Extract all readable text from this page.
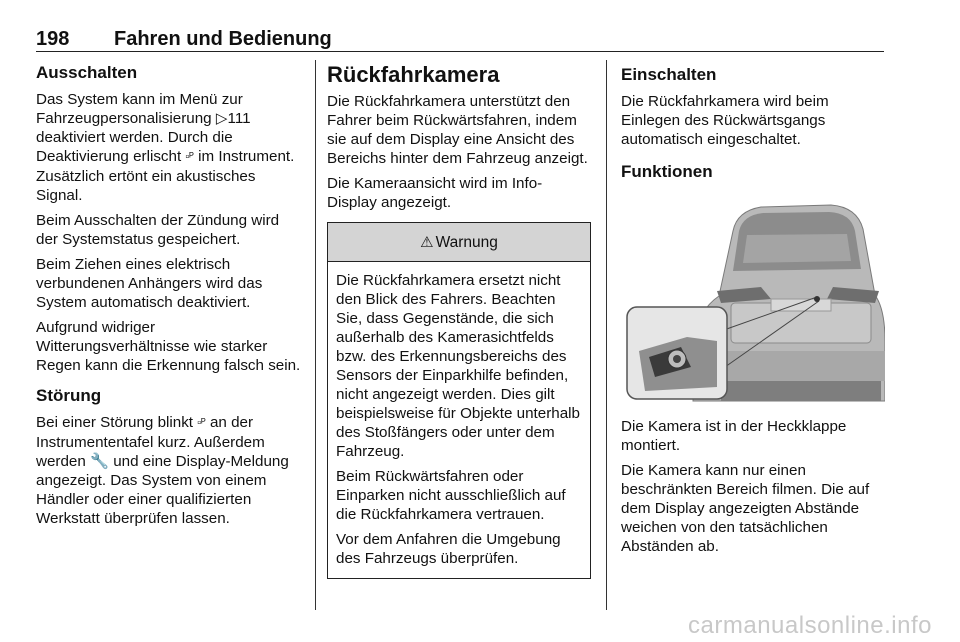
198 Fahren und Bedienung
Ausschalten

Das System kann im Menü zur Fahrzeugpersonalisierung ▷111 deaktiviert werden. Durch die Deaktivierung erlischt ▫ᴾ im Instrument. Zusätzlich ertönt ein akustisches Signal.

Beim Ausschalten der Zündung wird der Systemstatus gespeichert.

Beim Ziehen eines elektrisch verbundenen Anhängers wird das System automatisch deaktiviert.

Aufgrund widriger Witterungsverhältnisse wie starker Regen kann die Erkennung falsch sein.

Störung

Bei einer Störung blinkt ▫ᴾ an der Instrumententafel kurz. Außerdem werden 🔧 und eine Display-Meldung angezeigt. Das System von einem Händler oder einer qualifizierten Werkstatt überprüfen lassen.

Rückfahrkamera

Die Rückfahrkamera unterstützt den Fahrer beim Rückwärtsfahren, indem sie auf dem Display eine Ansicht des Bereichs hinter dem Fahrzeug anzeigt.

Die Kameraansicht wird im Info-Display angezeigt.

⚠ Warnung

Die Rückfahrkamera ersetzt nicht den Blick des Fahrers. Beachten Sie, dass Gegenstände, die sich außerhalb des Kamerasichtfelds bzw. des Erkennungsbereichs des Sensors der Einparkhilfe befinden, nicht angezeigt werden. Dies gilt beispielsweise für Objekte unterhalb des Stoßfängers oder unter dem Fahrzeug.

Beim Rückwärtsfahren oder Einparken nicht ausschließlich auf die Rückfahrkamera vertrauen.

Vor dem Anfahren die Umgebung des Fahrzeugs überprüfen.

Einschalten

Die Rückfahrkamera wird beim Einlegen des Rückwärtsgangs automatisch eingeschaltet.

Funktionen

Die Kamera ist in der Heckklappe montiert.

Die Kamera kann nur einen beschränkten Bereich filmen. Die auf dem Display angezeigten Abstände weichen von den tatsächlichen Abständen ab.

carmanualsonline.info
